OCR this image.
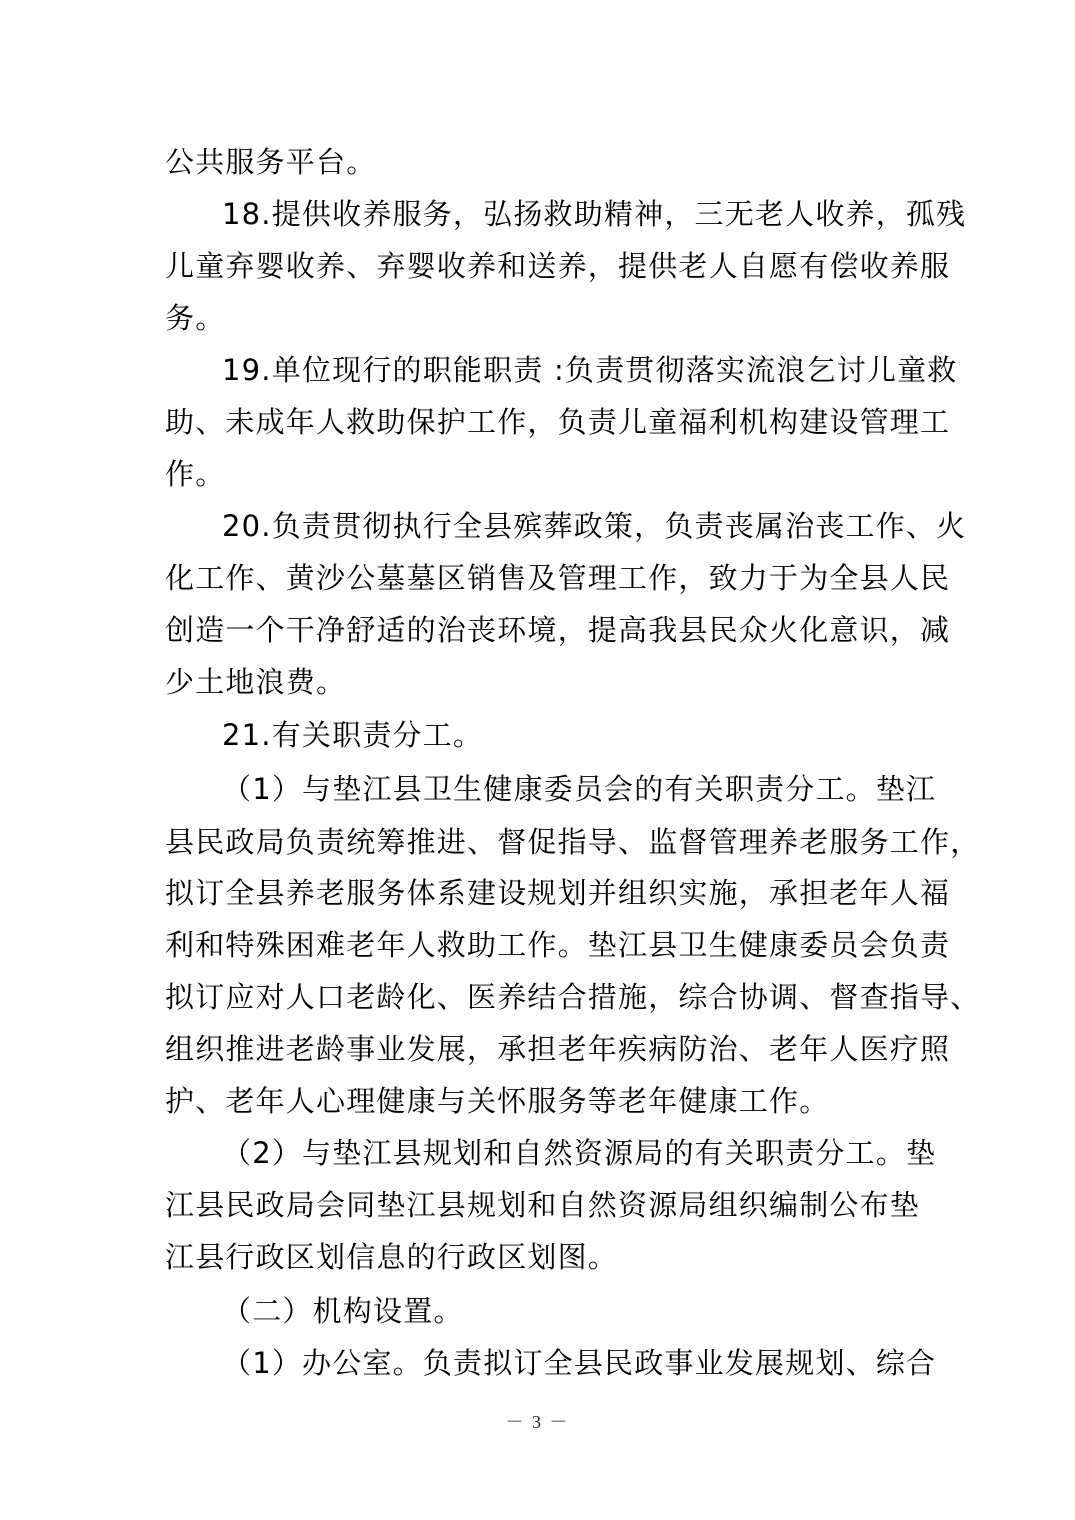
公共服务平台。
18.提供收养服务，弘扬救助精神，三无老人收养，孤残
儿童弃婴收养、弃婴收养和送养，提供老人自愿有偿收养服
务。
19.单位现行的职能职责 :负责贯彻落实流浪乞讨儿童救
助、未成年人救助保护工作，负责儿童福利机构建设管理工
作。
20.负责贯彻执行全县殡葬政策，负责丧属治丧工作、火
化工作、黄沙公墓墓区销售及管理工作，致力于为全县人民
创造一个干净舒适的治丧环境，提高我县民众火化意识，减
少土地浪费。
21.有关职责分工。
（1）与垫江县卫生健康委员会的有关职责分工。垫江
县民政局负责统筹推进、督促指导、监督管理养老服务工作，
拟订全县养老服务体系建设规划并组织实施，承担老年人福
利和特殊困难老年人救助工作。垫江县卫生健康委员会负责
拟订应对人口老龄化、医养结合措施，综合协调、督查指导、
组织推进老龄事业发展，承担老年疾病防治、老年人医疗照
护、老年人心理健康与关怀服务等老年健康工作。
（2）与垫江县规划和自然资源局的有关职责分工。垫
江县民政局会同垫江县规划和自然资源局组织编制公布垫
江县行政区划信息的行政区划图。
（二）机构设置。
（1）办公室。负责拟订全县民政事业发展规划、综合
－ 3 －
